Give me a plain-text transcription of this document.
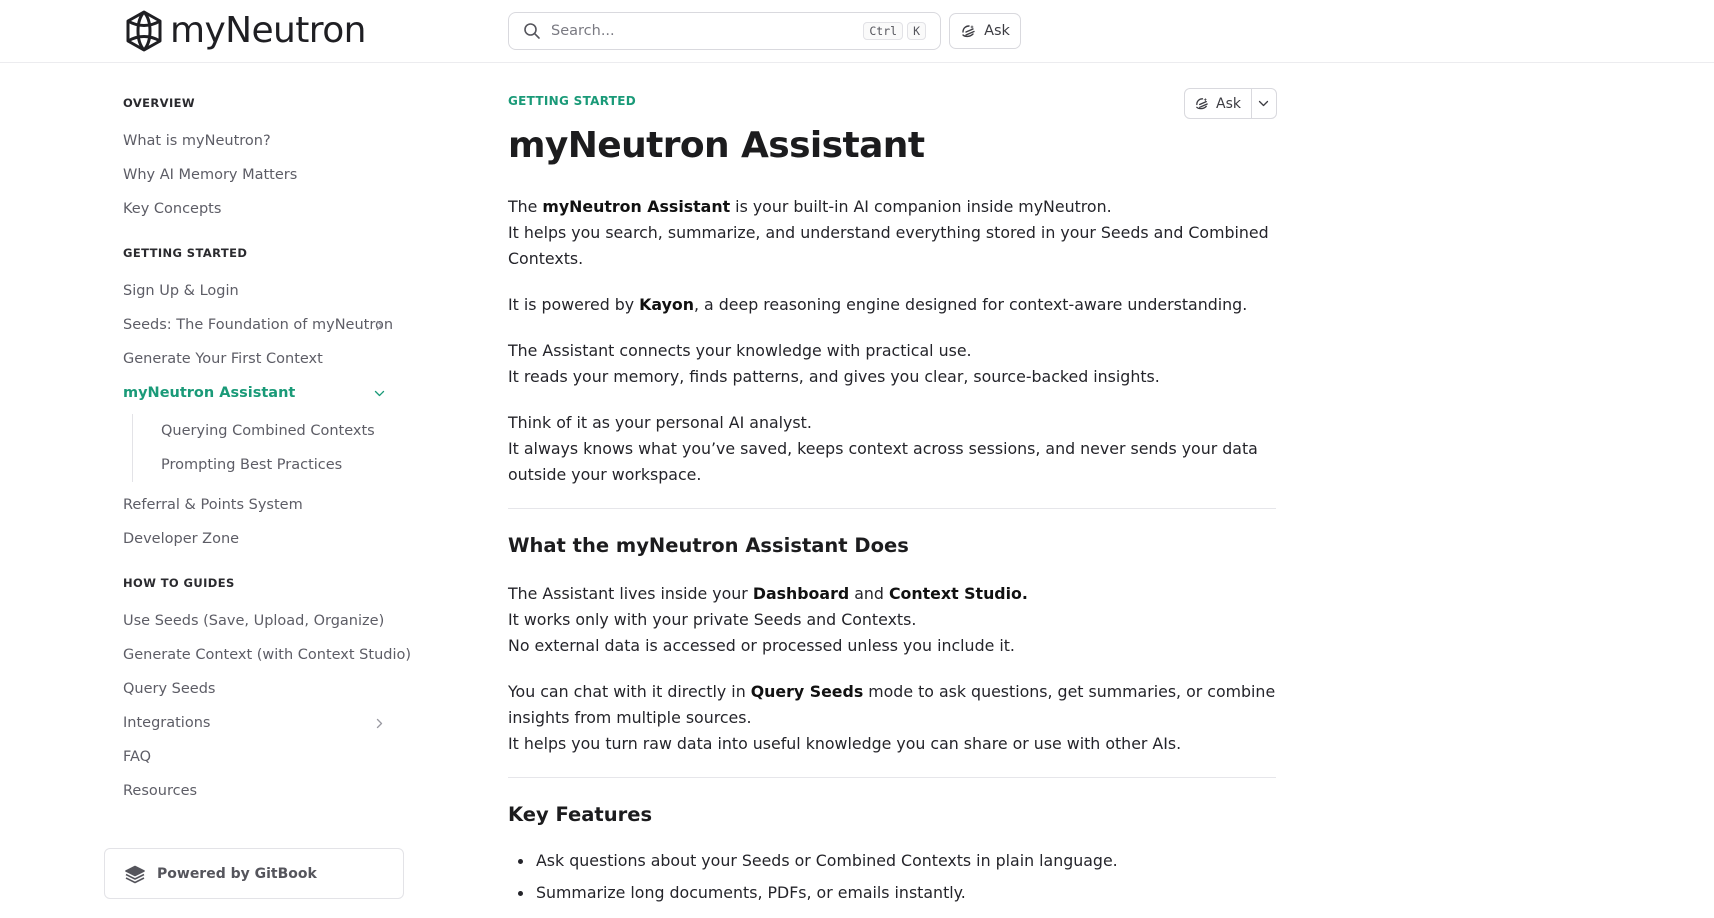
myNeutron	Search...	Ctrl	K	Ask
OVERVIEW
What is myNeutron?
Why AI Memory Matters
Key Concepts
GETTING STARTED
Sign Up & Login
Seeds: The Foundation of myNeutron
Generate Your First Context
myNeutron Assistant
Querying Combined Contexts
Prompting Best Practices
Referral & Points System
Developer Zone
HOW TO GUIDES
Use Seeds (Save, Upload, Organize)
Generate Context (with Context Studio)
Query Seeds
Integrations
FAQ
Resources
Powered by GitBook
Ask
GETTING STARTED
myNeutron Assistant

The myNeutron Assistant is your built-in AI companion inside myNeutron.
It helps you search, summarize, and understand everything stored in your Seeds and Combined Contexts.

It is powered by Kayon, a deep reasoning engine designed for context-aware understanding.

The Assistant connects your knowledge with practical use.
It reads your memory, finds patterns, and gives you clear, source-backed insights.

Think of it as your personal AI analyst.
It always knows what you’ve saved, keeps context across sessions, and never sends your data outside your workspace.

What the myNeutron Assistant Does

The Assistant lives inside your Dashboard and Context Studio.
It works only with your private Seeds and Contexts.
No external data is accessed or processed unless you include it.

You can chat with it directly in Query Seeds mode to ask questions, get summaries, or combine insights from multiple sources.
It helps you turn raw data into useful knowledge you can share or use with other AIs.

Key Features
Ask questions about your Seeds or Combined Contexts in plain language.
Summarize long documents, PDFs, or emails instantly.
